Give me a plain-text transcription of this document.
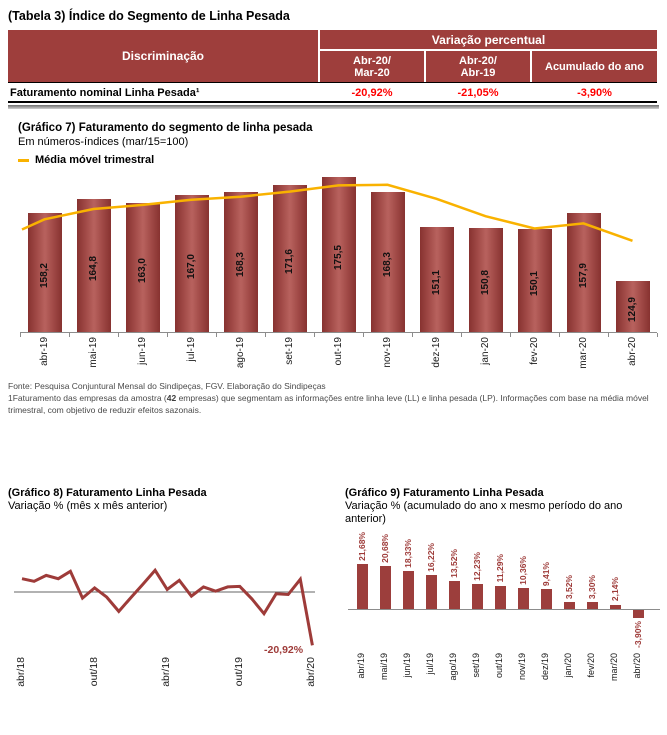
(Tabela 3) Índice do Segmento de Linha Pesada
Discriminação
Variação percentual
Abr-20/
Mar-20
Abr-20/
Abr-19	Acumulado do ano
Faturamento nominal Linha Pesada¹	-20,92%	-21,05%	-3,90%
(Gráfico 7) Faturamento do segmento de linha pesada
Em números-índices (mar/15=100)
Média móvel trimestral
158,2
abr-19
164,8
mai-19
163,0
jun-19
167,0
jul-19
168,3
ago-19
171,6
set-19
175,5
out-19
168,3
nov-19
151,1
dez-19
150,8
jan-20
150,1
fev-20
157,9
mar-20
124,9
abr-20
Fonte: Pesquisa Conjuntural Mensal do Sindipeças, FGV. Elaboração do Sindipeças
1Faturamento das empresas da amostra (42 empresas) que segmentam as informações entre linha leve (LL) e linha pesada (LP). Informações com base na média móvel trimestral, com objetivo de reduzir efeitos sazonais.
(Gráfico 8) Faturamento Linha Pesada
Variação % (mês x mês anterior)
abr/18	out/18	abr/19	out/19	abr/20
-20,92%
(Gráfico 9) Faturamento Linha Pesada
Variação % (acumulado do ano x mesmo período do ano anterior)
21,68%
abr/19
20,68%
mai/19
18,33%
jun/19
16,22%
jul/19
13,52%
ago/19
12,23%
set/19
11,29%
out/19
10,36%
nov/19
9,41%
dez/19
3,52%
jan/20
3,30%
fev/20
2,14%
mar/20
-3,90%
abr/20
